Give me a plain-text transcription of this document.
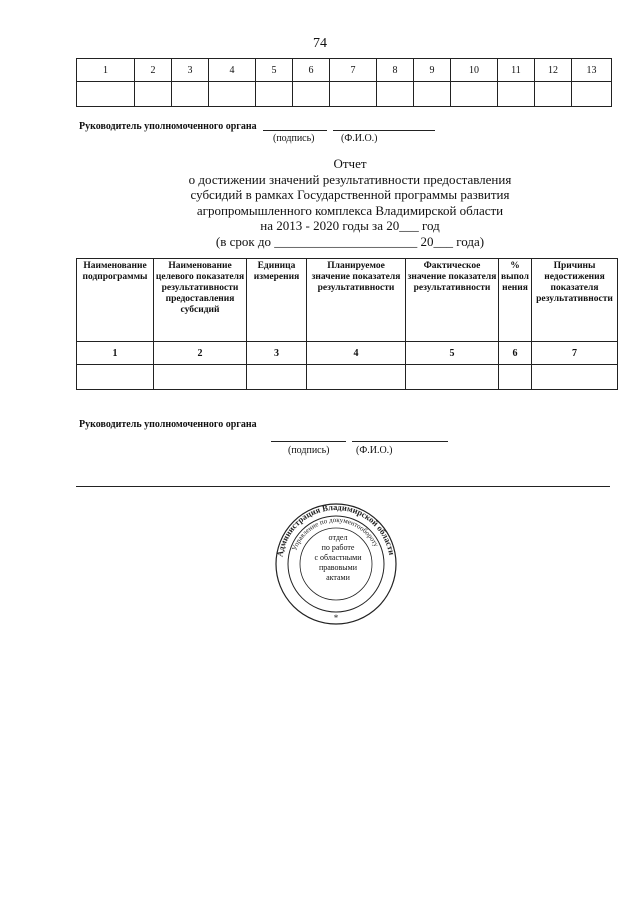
74
1	2	3	4	5	6	7	8	9	10	11	12	13

Руководитель уполномоченного органа
(подпись)	(Ф.И.О.)
Отчет
о достижении значений результативности предоставления
субсидий в рамках Государственной программы развития
агропромышленного комплекса Владимирской области
на 2013 - 2020 годы за 20___ год
(в срок до ______________________ 20___ года)
Наименование подпрограммы	Наименование целевого показателя результативности предоставления субсидий	Единица измерения	Планируемое значение показателя результативности	Фактическое значение показателя результативности	% выпол нения	Причины недостижения показателя результативности
1	2	3	4	5	6	7

Руководитель уполномоченного органа
(подпись)	(Ф.И.О.)
Администрация Владимирской области
Управление по документообороту
*
отдел
по работе
с областными
правовыми
актами
